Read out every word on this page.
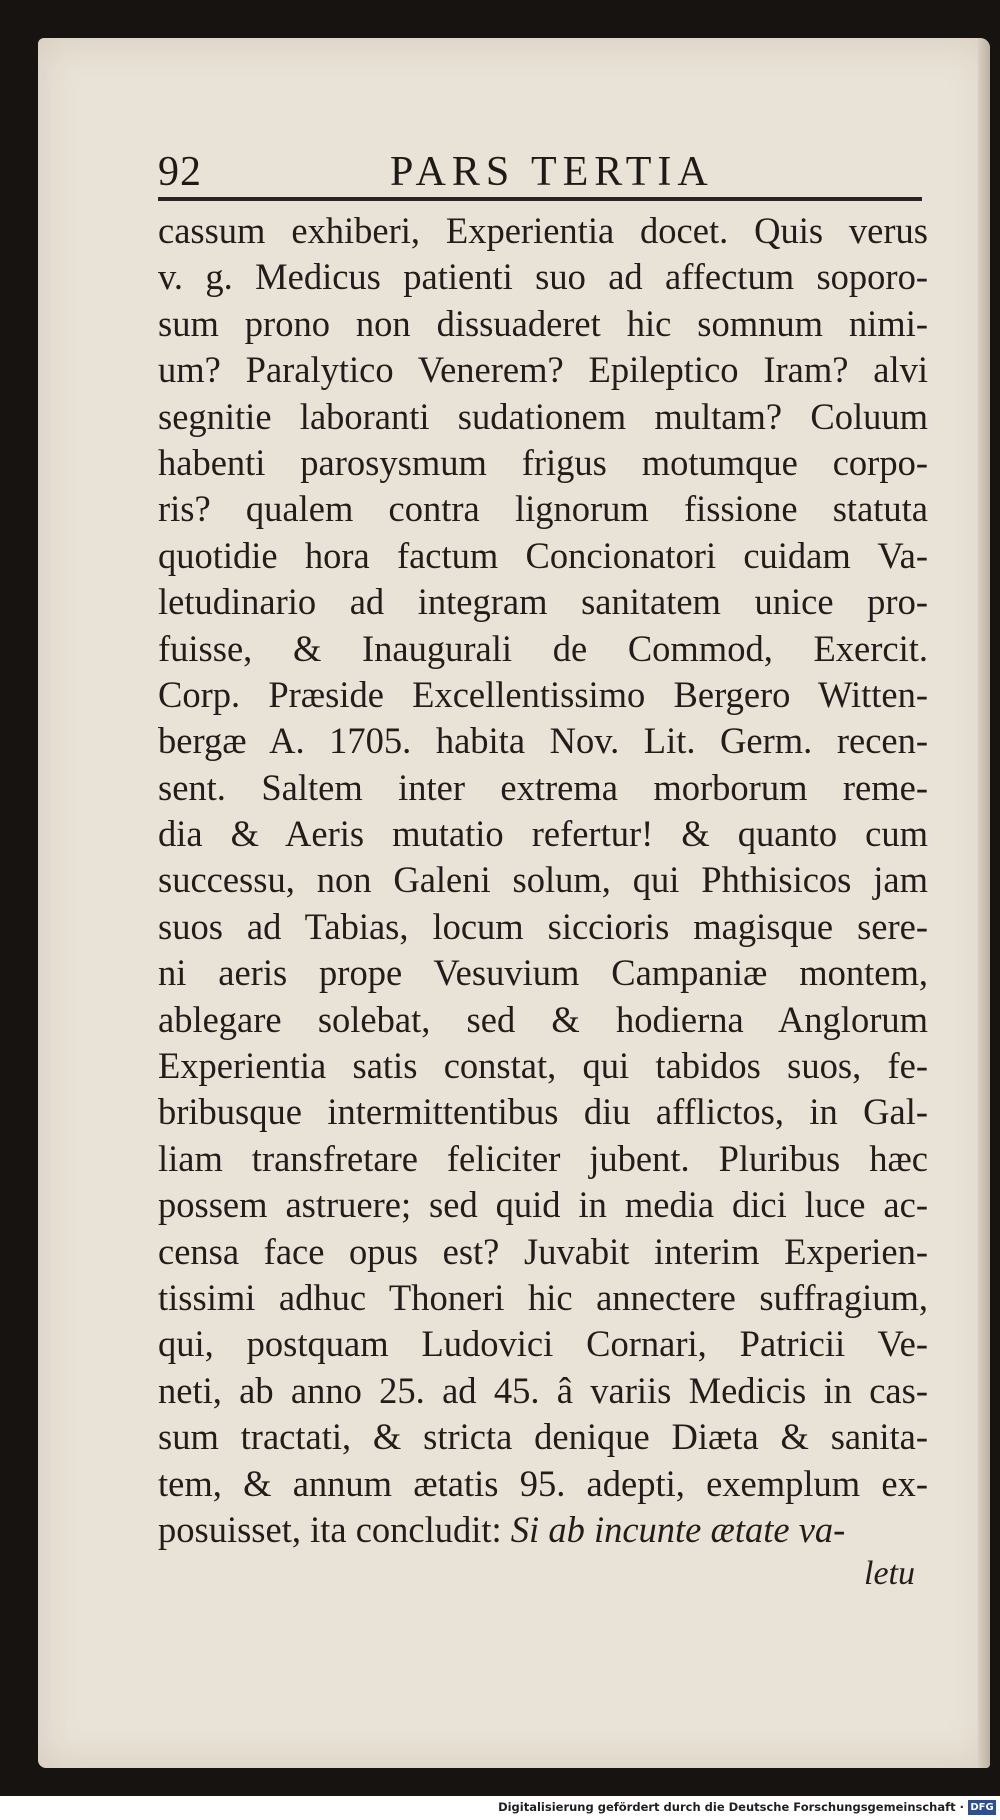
92	PARS TERTIA
cassum exhiberi, Experientia docet. Quis verus
v. g. Medicus patienti suo ad affectum soporo-
sum prono non dissuaderet hic somnum nimi-
um? Paralytico Venerem? Epileptico Iram? alvi
segnitie laboranti sudationem multam? Coluum
habenti parosysmum frigus motumque corpo-
ris? qualem contra lignorum fissione statuta
quotidie hora factum Concionatori cuidam Va-
letudinario ad integram sanitatem unice pro-
fuisse, & Inaugurali de Commod, Exercit.
Corp. Præside Excellentissimo Bergero Witten-
bergæ A. 1705. habita Nov. Lit. Germ. recen-
sent. Saltem inter extrema morborum reme-
dia & Aeris mutatio refertur! & quanto cum
successu, non Galeni solum, qui Phthisicos jam
suos ad Tabias, locum siccioris magisque sere-
ni aeris prope Vesuvium Campaniæ montem,
ablegare solebat, sed & hodierna Anglorum
Experientia satis constat, qui tabidos suos, fe-
bribusque intermittentibus diu afflictos, in Gal-
liam transfretare feliciter jubent. Pluribus hæc
possem astruere; sed quid in media dici luce ac-
censa face opus est? Juvabit interim Experien-
tissimi adhuc Thoneri hic annectere suffragium,
qui, postquam Ludovici Cornari, Patricii Ve-
neti, ab anno 25. ad 45. â variis Medicis in cas-
sum tractati, & stricta denique Diæta & sanita-
tem, & annum ætatis 95. adepti, exemplum ex-
posuisset, ita concludit: Si ab incunte ætate va-
letu
Digitalisierung gefördert durch die Deutsche Forschungsgemeinschaft · DFG
